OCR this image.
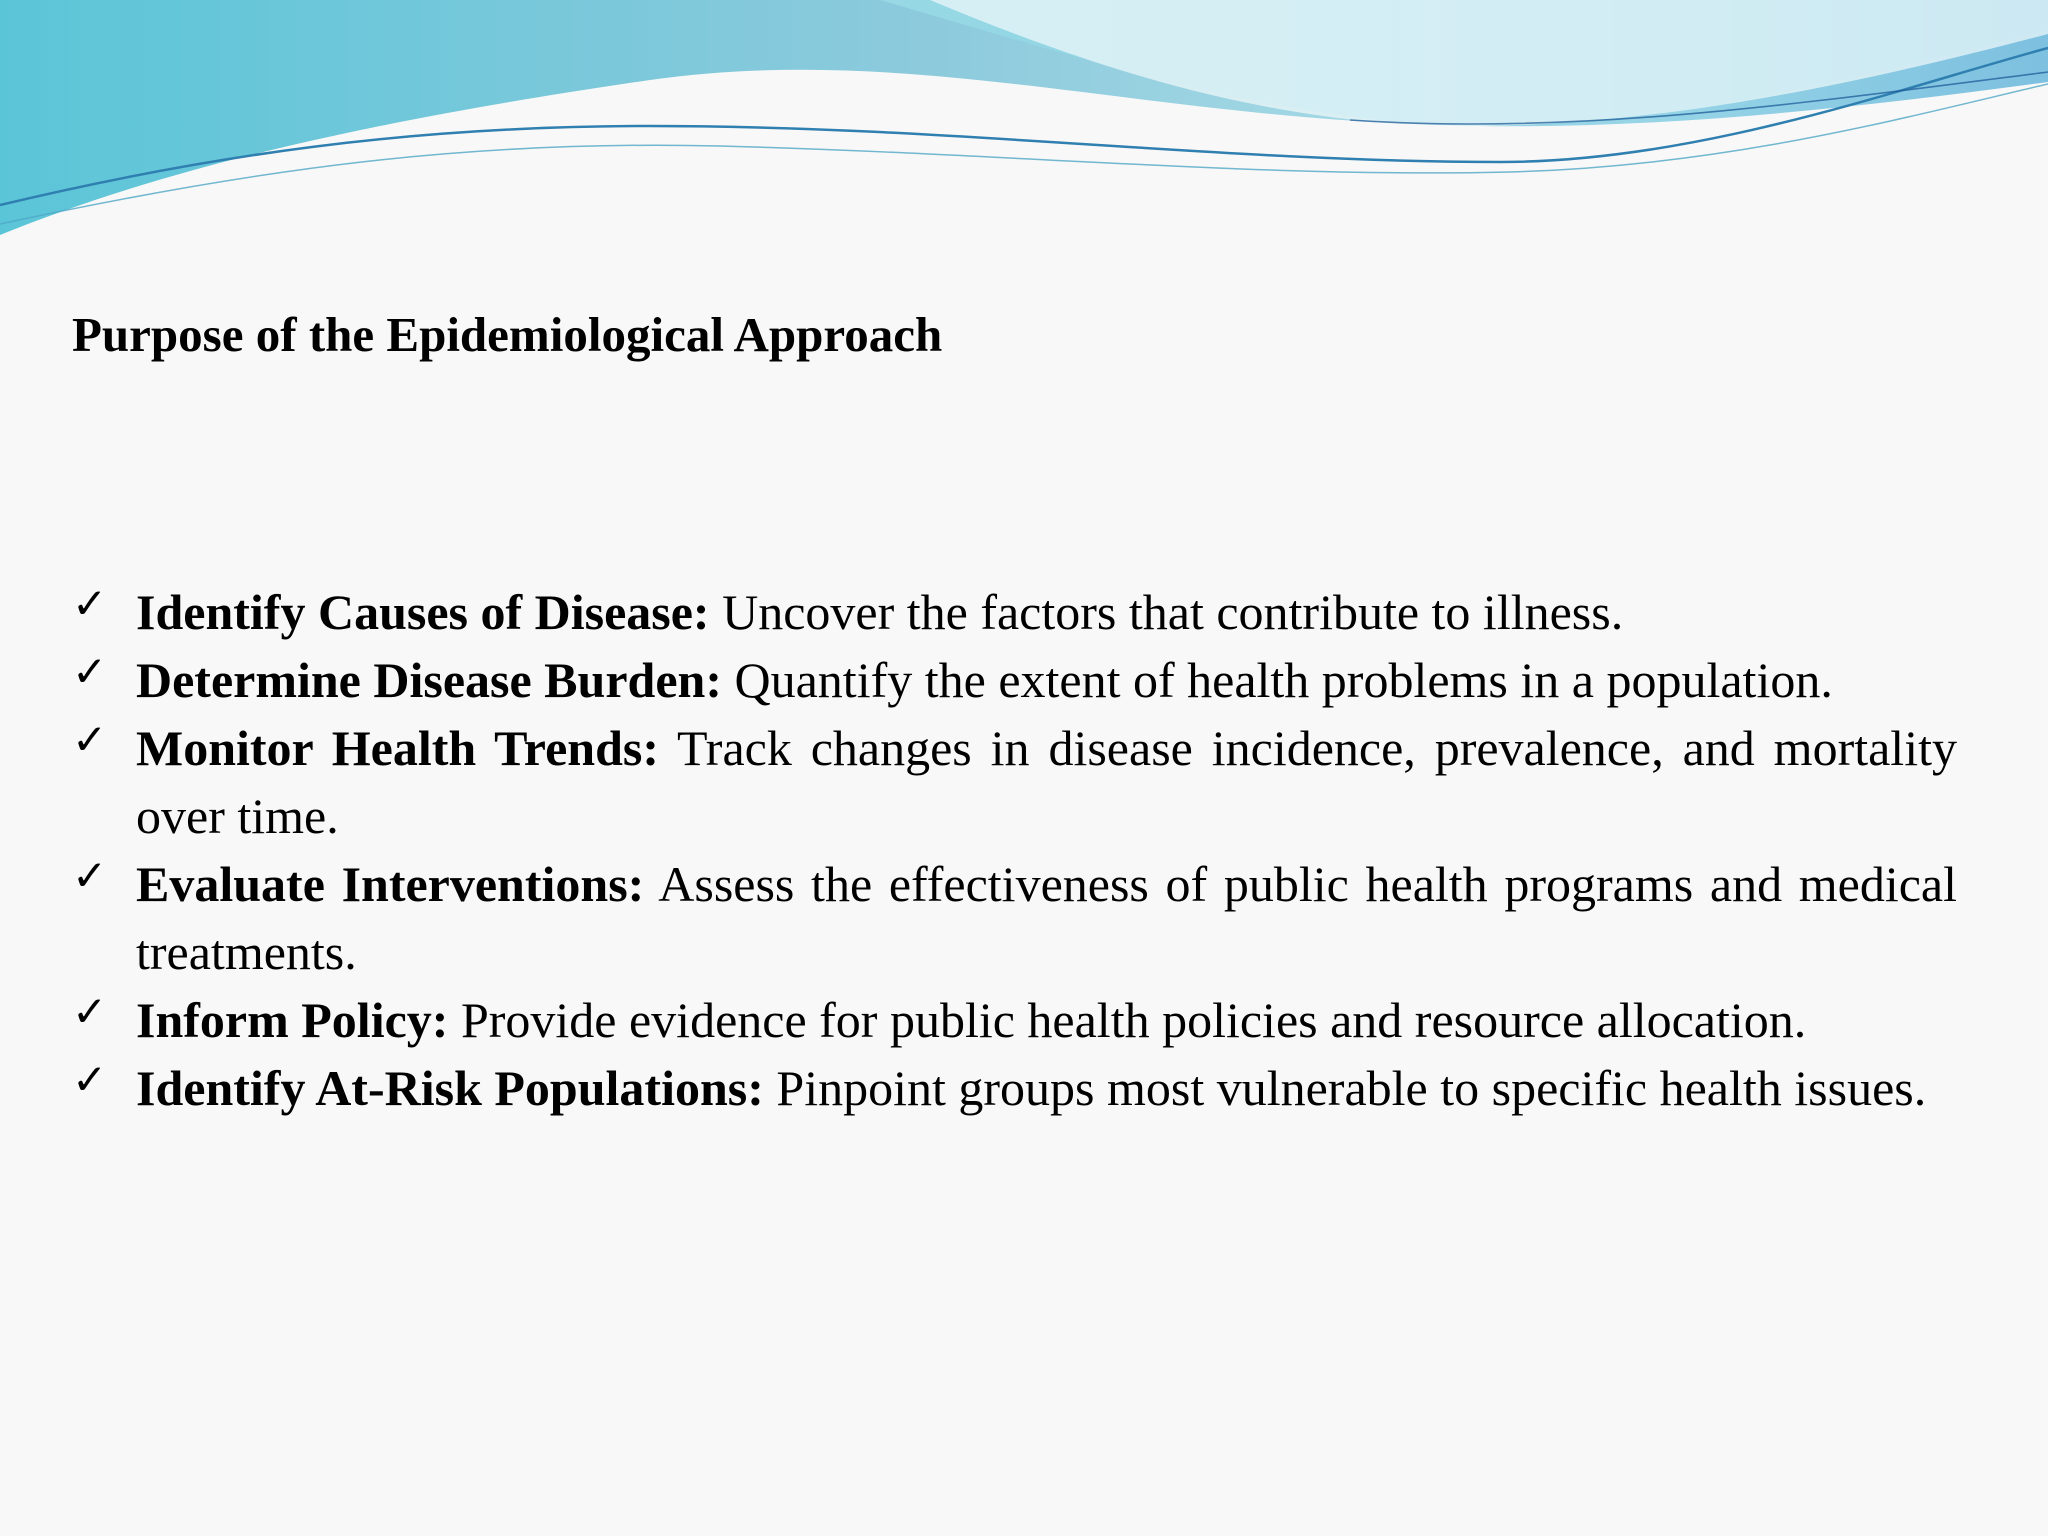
Purpose of the Epidemiological Approach
✓ Identify Causes of Disease: Uncover the factors that contribute to illness.
✓ Determine Disease Burden: Quantify the extent of health problems in a population.
✓ Monitor Health Trends: Track changes in disease incidence, prevalence, and mortality over time.
✓ Evaluate Interventions: Assess the effectiveness of public health programs and medical treatments.
✓ Inform Policy: Provide evidence for public health policies and resource allocation.
✓ Identify At-Risk Populations: Pinpoint groups most vulnerable to specific health issues.
